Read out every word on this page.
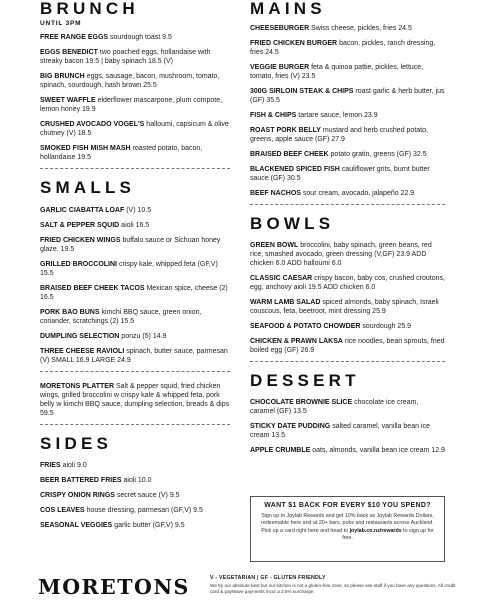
BRUNCH
UNTIL 3PM
FREE RANGE EGGS sourdough toast 9.5
EGGS BENEDICT two poached eggs, hollandaise with streaky bacon 19.5 | baby spinach 18.5 (V)
BIG BRUNCH eggs, sausage, bacon, mushroom, tomato, spinach, sourdough, hash brown 25.5
SWEET WAFFLE elderflower mascarpone, plum compote, lemon honey 19.9
CRUSHED AVOCADO VOGEL'S halloumi, capsicum & olive chutney (V) 18.5
SMOKED FISH MISH MASH roasted potato, bacon, hollandaise 19.5
SMALLS
GARLIC CIABATTA LOAF (V) 10.5
SALT & PEPPER SQUID aioli 16.5
FRIED CHICKEN WINGS buffalo sauce or Sichuan honey glaze. 19.5
GRILLED BROCCOLINI crispy kale, whipped feta (GF,V) 15.5
BRAISED BEEF CHEEK TACOS Mexican spice, cheese (2) 16.5
PORK BAO BUNS kimchi BBQ sauce, green onion, coriander, scratchings (2) 15.5
DUMPLING SELECTION ponzu (5) 14.9
THREE CHEESE RAVIOLI spinach, butter sauce, parmesan (V) SMALL 16.9 LARGE 24.9
MORETONS PLATTER Salt & pepper squid, fried chicken wings, grilled broccolini w crispy kale & whipped feta, pork belly w kimchi BBQ sauce, dumpling selection, breads & dips 59.5
SIDES
FRIES aioli 9.0
BEER BATTERED FRIES aioli 10.0
CRISPY ONION RINGS secret sauce (V) 9.5
COS LEAVES house dressing, parmesan (GF,V) 9.5
SEASONAL VEGGIES garlic butter (GF,V) 9.5
MAINS
CHEESEBURGER Swiss cheese, pickles, fries 24.5
FRIED CHICKEN BURGER bacon, pickles, ranch dressing, fries 24.5
VEGGIE BURGER feta & quinoa pattie, pickles, lettuce, tomato, fries (V) 23.5
300G SIRLOIN STEAK & CHIPS roast garlic & herb butter, jus (GF) 35.5
FISH & CHIPS tartare sauce, lemon 23.9
ROAST PORK BELLY mustard and herb crushed potato, greens, apple sauce (GF) 27.9
BRAISED BEEF CHEEK potato gratin, greens (GF) 32.5
BLACKENED SPICED FISH cauliflower grits, burnt butter sauce (GF) 30.5
BEEF NACHOS sour cream, avocado, jalapeño 22.9
BOWLS
GREEN BOWL broccolini, baby spinach, green beans, red rice, smashed avocado, green dressing (V,GF) 23.9 ADD chicken 6.0 ADD halloumi 6.0
CLASSIC CAESAR crispy bacon, baby cos, crushed croutons, egg, anchovy aioli 19.5 ADD chicken 6.0
WARM LAMB SALAD spiced almonds, baby spinach, Israeli couscous, feta, beetroot, mint dressing 25.9
SEAFOOD & POTATO CHOWDER sourdough 25.9
CHICKEN & PRAWN LAKSA rice noodles, bean sprouts, fried boiled egg (GF) 26.9
DESSERT
CHOCOLATE BROWNIE SLICE chocolate ice cream, caramel (GF) 13.5
STICKY DATE PUDDING salted caramel, vanilla bean ice cream 13.5
APPLE CRUMBLE oats, almonds, vanilla bean ice cream 12.9
WANT $1 BACK FOR EVERY $10 YOU SPEND?
Sign up to Joylab Rewards and get 10% back as Joylab Rewards Dollars, redeemable here and at 20+ bars, pubs and restaurants across Auckland. Pick up a card right here and head to joylab.co.nz/rewards to sign up for free.
MORETONS	V - VEGETARIAN | GF - GLUTEN FRIENDLY
We try our absolute best but our kitchen is not a gluten-free zone, so please see staff if you have any questions. All credit card & payWave payments incur a 2.5% surcharge.
